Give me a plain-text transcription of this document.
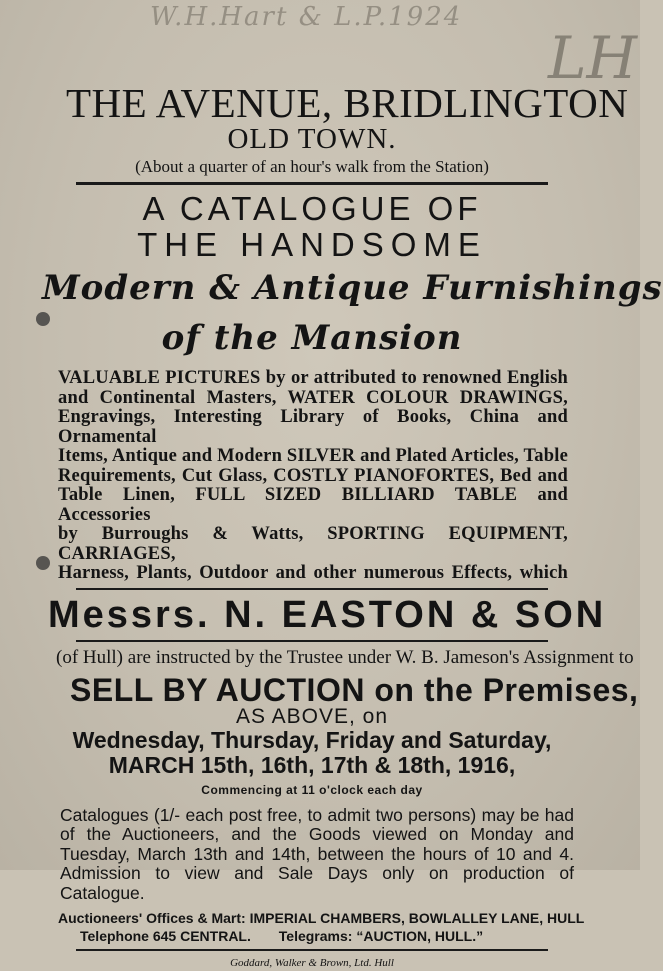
W.H.Hart & L.P.1924
LH
THE AVENUE, BRIDLINGTON
OLD TOWN.
(About a quarter of an hour's walk from the Station)
A CATALOGUE OF
THE HANDSOME
Modern & Antique Furnishings
of the Mansion
VALUABLE PICTURES by or attributed to renowned English
and Continental Masters, WATER COLOUR DRAWINGS,
Engravings, Interesting Library of Books, China and Ornamental
Items, Antique and Modern SILVER and Plated Articles, Table
Requirements, Cut Glass, COSTLY PIANOFORTES, Bed and
Table Linen, FULL SIZED BILLIARD TABLE and Accessories
by Burroughs & Watts, SPORTING EQUIPMENT, CARRIAGES,
Harness, Plants, Outdoor and other numerous Effects, which
Messrs. N. EASTON & SON
(of Hull) are instructed by the Trustee under W. B. Jameson's Assignment to
SELL BY AUCTION on the Premises,
AS ABOVE, on
Wednesday, Thursday, Friday and Saturday,
MARCH 15th, 16th, 17th & 18th, 1916,
Commencing at 11 o'clock each day
Catalogues (1/- each post free, to admit two persons) may be had of the Auctioneers, and the Goods viewed on Monday and Tuesday, March 13th and 14th, between the hours of 10 and 4. Admission to view and Sale Days only on production of Catalogue.
Auctioneers' Offices & Mart: IMPERIAL CHAMBERS, BOWLALLEY LANE, HULL
Telephone 645 CENTRAL. Telegrams: “AUCTION, HULL.”
Goddard, Walker & Brown, Ltd. Hull
